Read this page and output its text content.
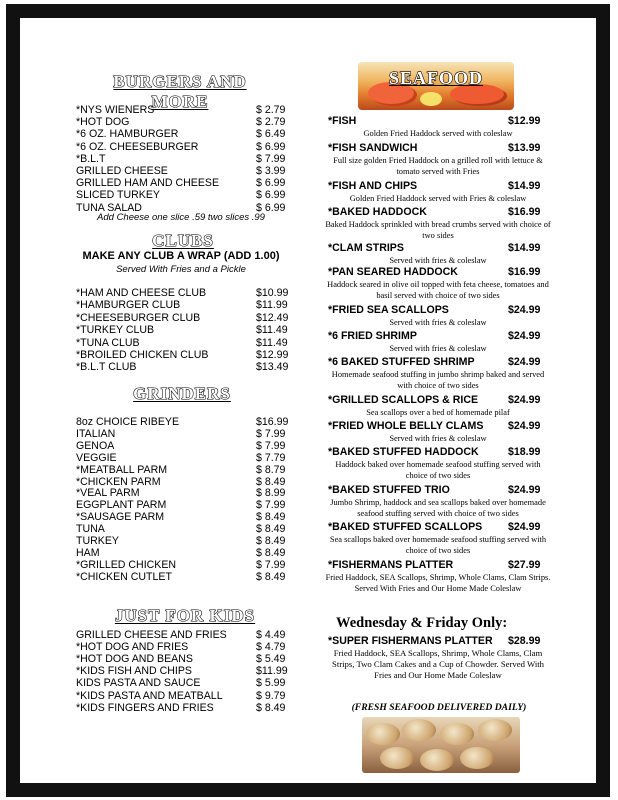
BURGERS AND MORE
*NYS WIENERS	$ 2.79
*HOT DOG	$ 2.79
*6 OZ. HAMBURGER	$ 6.49
*6 OZ. CHEESEBURGER	$ 6.99
*B.L.T	$ 7.99
GRILLED CHEESE	$ 3.99
GRILLED HAM AND CHEESE	$ 6.99
SLICED TURKEY	$ 6.99
TUNA SALAD	$ 6.99
Add Cheese one slice .59 two slices .99
CLUBS
MAKE ANY CLUB A WRAP (ADD 1.00)
Served With Fries and a Pickle
*HAM AND CHEESE CLUB	$10.99
*HAMBURGER CLUB	$11.99
*CHEESEBURGER CLUB	$12.49
*TURKEY CLUB	$11.49
*TUNA CLUB	$11.49
*BROILED CHICKEN CLUB	$12.99
*B.L.T CLUB	$13.49
GRINDERS
8oz CHOICE RIBEYE	$16.99
ITALIAN	$ 7.99
GENOA	$ 7.99
VEGGIE	$ 7.79
*MEATBALL PARM	$ 8.79
*CHICKEN PARM	$ 8.49
*VEAL PARM	$ 8.99
EGGPLANT PARM	$ 7.99
*SAUSAGE PARM	$ 8.49
TUNA	$ 8.49
TURKEY	$ 8.49
HAM	$ 8.49
*GRILLED CHICKEN	$ 7.99
*CHICKEN CUTLET	$ 8.49
JUST FOR KIDS
GRILLED CHEESE AND FRIES	$ 4.49
*HOT DOG AND FRIES	$ 4.79
*HOT DOG AND BEANS	$ 5.49
*KIDS FISH AND CHIPS	$11.99
KIDS PASTA AND SAUCE	$ 5.99
*KIDS PASTA AND MEATBALL	$ 9.79
*KIDS FINGERS AND FRIES	$ 8.49
SEAFOOD
*FISH	$12.99
Golden Fried Haddock served with coleslaw
*FISH SANDWICH	$13.99
Full size golden Fried Haddock on a grilled roll with lettuce & tomato served with Fries
*FISH AND CHIPS	$14.99
Golden Fried Haddock served with Fries & coleslaw
*BAKED HADDOCK	$16.99
Baked Haddock sprinkled with bread crumbs served with choice of two sides
*CLAM STRIPS	$14.99
Served with fries & coleslaw
*PAN SEARED HADDOCK	$16.99
Haddock seared in olive oil topped with feta cheese, tomatoes and basil served with choice of two sides
*FRIED SEA SCALLOPS	$24.99
Served with fries & coleslaw
*6 FRIED SHRIMP	$24.99
Served with fries & coleslaw
*6 BAKED STUFFED SHRIMP	$24.99
Homemade seafood stuffing in jumbo shrimp baked and served with choice of two sides
*GRILLED SCALLOPS & RICE	$24.99
Sea scallops over a bed of homemade pilaf
*FRIED WHOLE BELLY CLAMS $24.99
Served with fries & coleslaw
*BAKED STUFFED HADDOCK	$18.99
Haddock baked over homemade seafood stuffing served with choice of two sides
*BAKED STUFFED TRIO	$24.99
Jumbo Shrimp, haddock and sea scallops baked over homemade seafood stuffing served with choice of two sides
*BAKED STUFFED SCALLOPS $24.99
Sea scallops baked over homemade seafood stuffing served with choice of two sides
*FISHERMANS PLATTER	$27.99
Fried Haddock, SEA Scallops, Shrimp, Whole Clams, Clam Strips. Served With Fries and Our Home Made Coleslaw
Wednesday & Friday Only:
*SUPER FISHERMANS PLATTER $28.99
Fried Haddock, SEA Scallops, Shrimp, Whole Clams, Clam Strips, Two Clam Cakes and a Cup of Chowder. Served With Fries and Our Home Made Coleslaw
(FRESH SEAFOOD DELIVERED DAILY)
